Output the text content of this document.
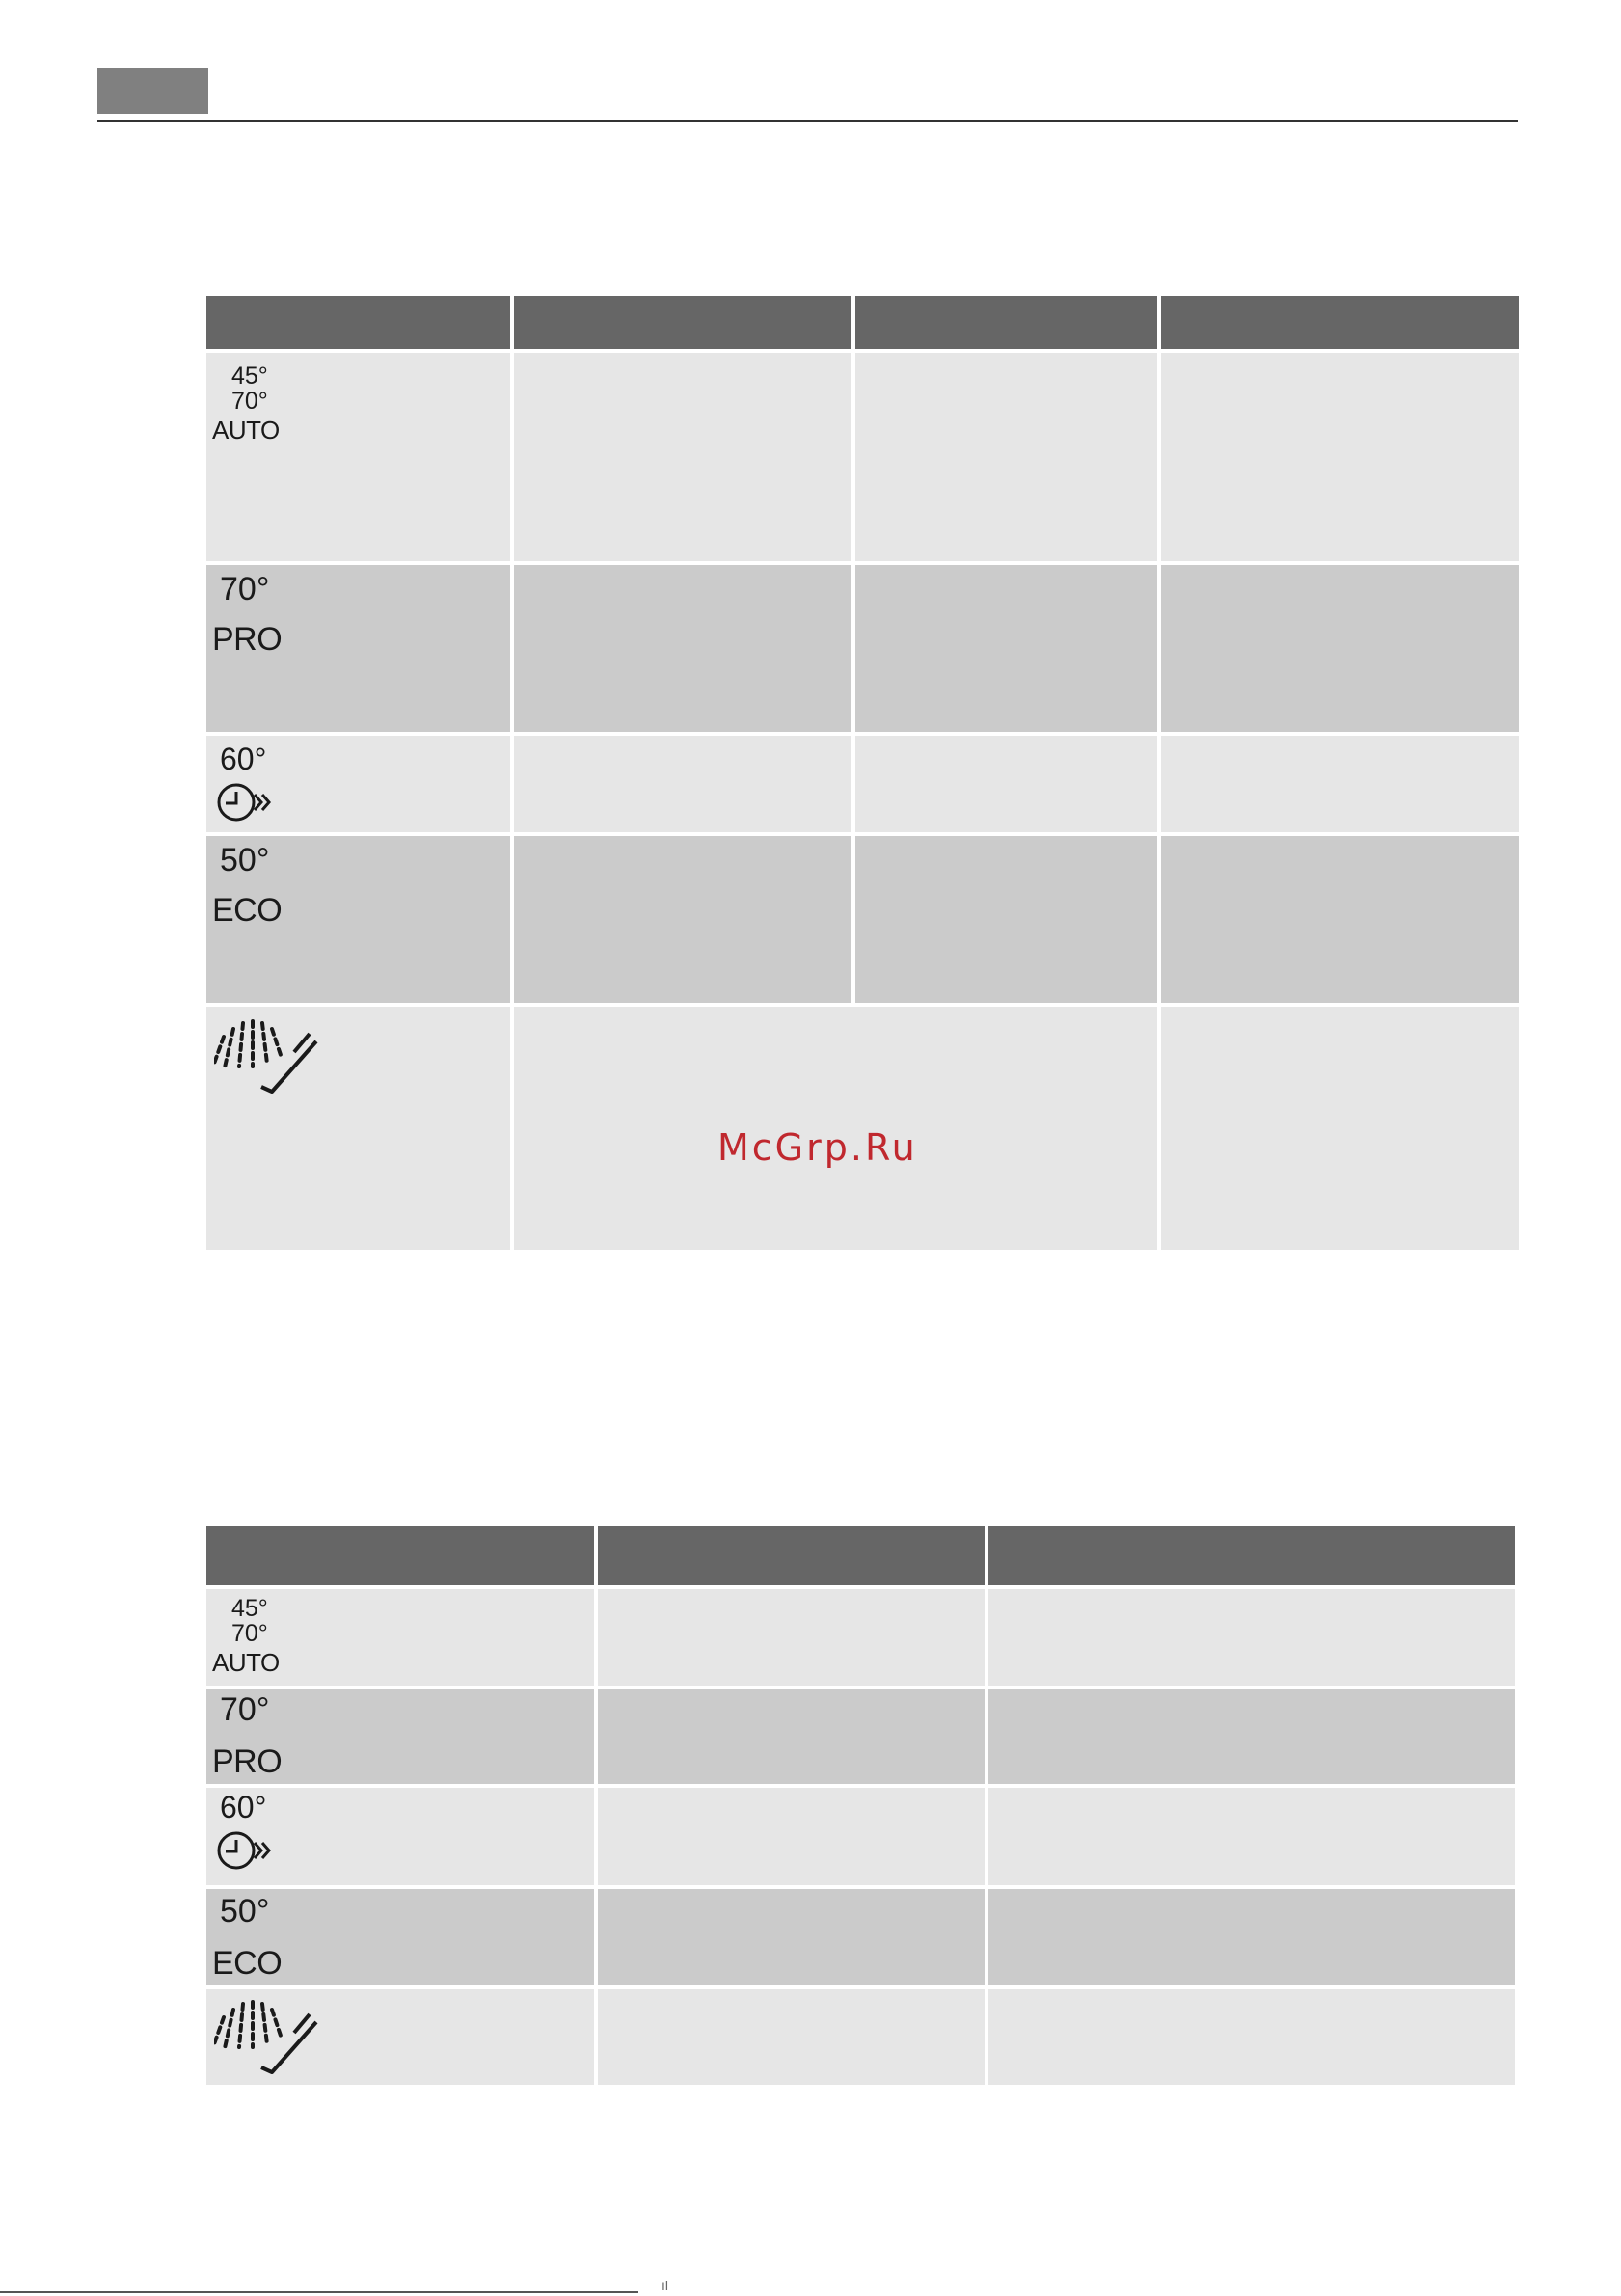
45°
70°
AUTO			

70°
PRO			

60°			

50°
ECO			

McGrp.Ru

45°
70°
AUTO		

70°
PRO		

60°		

50°
ECO		

ıl
